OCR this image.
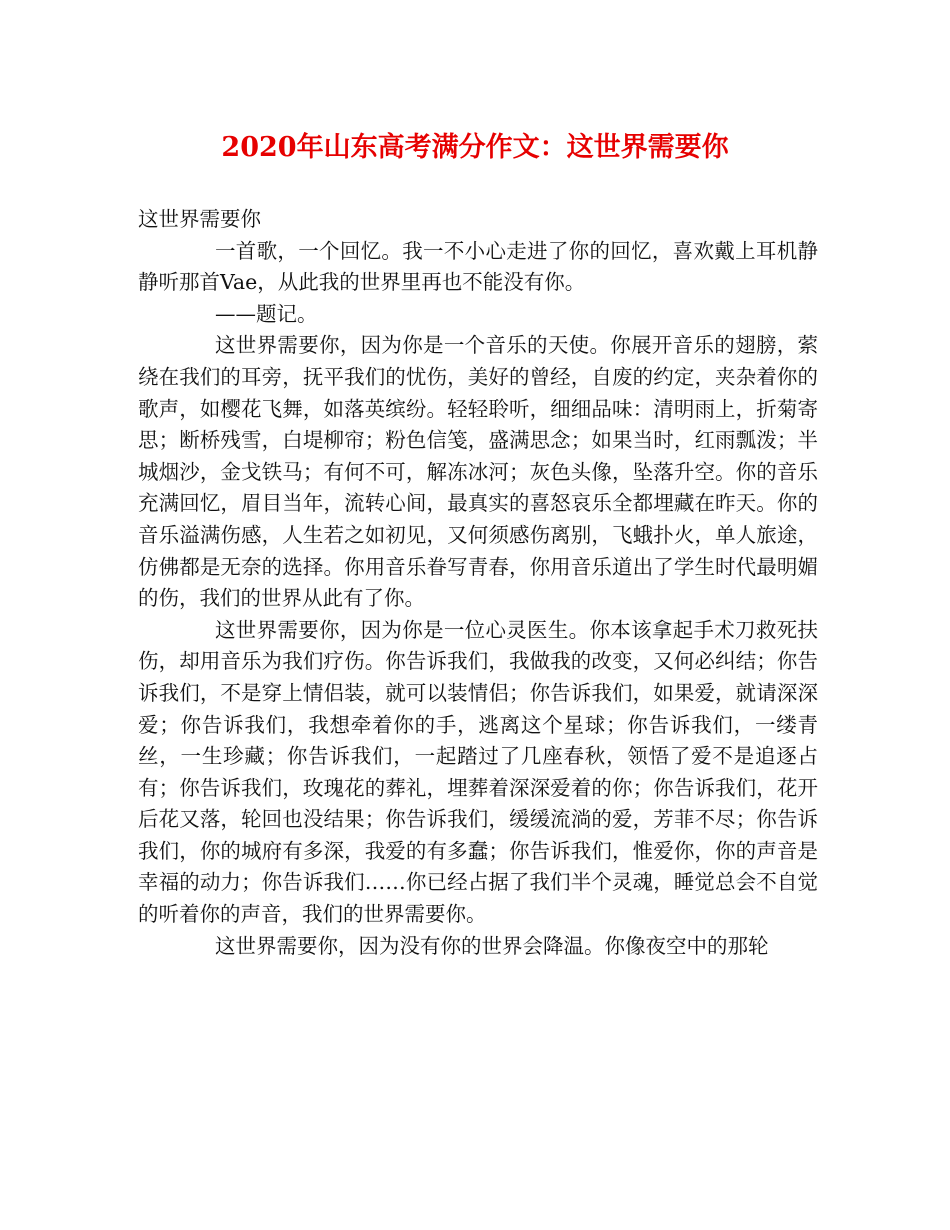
2020年山东高考满分作文：这世界需要你

这世界需要你

一首歌，一个回忆。我一不小心走进了你的回忆，喜欢戴上耳机静静听那首Vae，从此我的世界里再也不能没有你。

——题记。

这世界需要你，因为你是一个音乐的天使。你展开音乐的翅膀，萦绕在我们的耳旁，抚平我们的忧伤，美好的曾经，自废的约定，夹杂着你的歌声，如樱花飞舞，如落英缤纷。轻轻聆听，细细品味：清明雨上，折菊寄思；断桥残雪，白堤柳帘；粉色信笺，盛满思念；如果当时，红雨瓢泼；半城烟沙，金戈铁马；有何不可，解冻冰河；灰色头像，坠落升空。你的音乐充满回忆，眉目当年，流转心间，最真实的喜怒哀乐全都埋藏在昨天。你的音乐溢满伤感，人生若之如初见，又何须感伤离别，飞蛾扑火，单人旅途，仿佛都是无奈的选择。你用音乐眷写青春，你用音乐道出了学生时代最明媚的伤，我们的世界从此有了你。

这世界需要你，因为你是一位心灵医生。你本该拿起手术刀救死扶伤，却用音乐为我们疗伤。你告诉我们，我做我的改变，又何必纠结；你告诉我们，不是穿上情侣装，就可以装情侣；你告诉我们，如果爱，就请深深爱；你告诉我们，我想牵着你的手，逃离这个星球；你告诉我们，一缕青丝，一生珍藏；你告诉我们，一起踏过了几座春秋，领悟了爱不是追逐占有；你告诉我们，玫瑰花的葬礼，埋葬着深深爱着的你；你告诉我们，花开后花又落，轮回也没结果；你告诉我们，缓缓流淌的爱，芳菲不尽；你告诉我们，你的城府有多深，我爱的有多蠢；你告诉我们，惟爱你，你的声音是幸福的动力；你告诉我们……你已经占据了我们半个灵魂，睡觉总会不自觉的听着你的声音，我们的世界需要你。

这世界需要你，因为没有你的世界会降温。你像夜空中的那轮
